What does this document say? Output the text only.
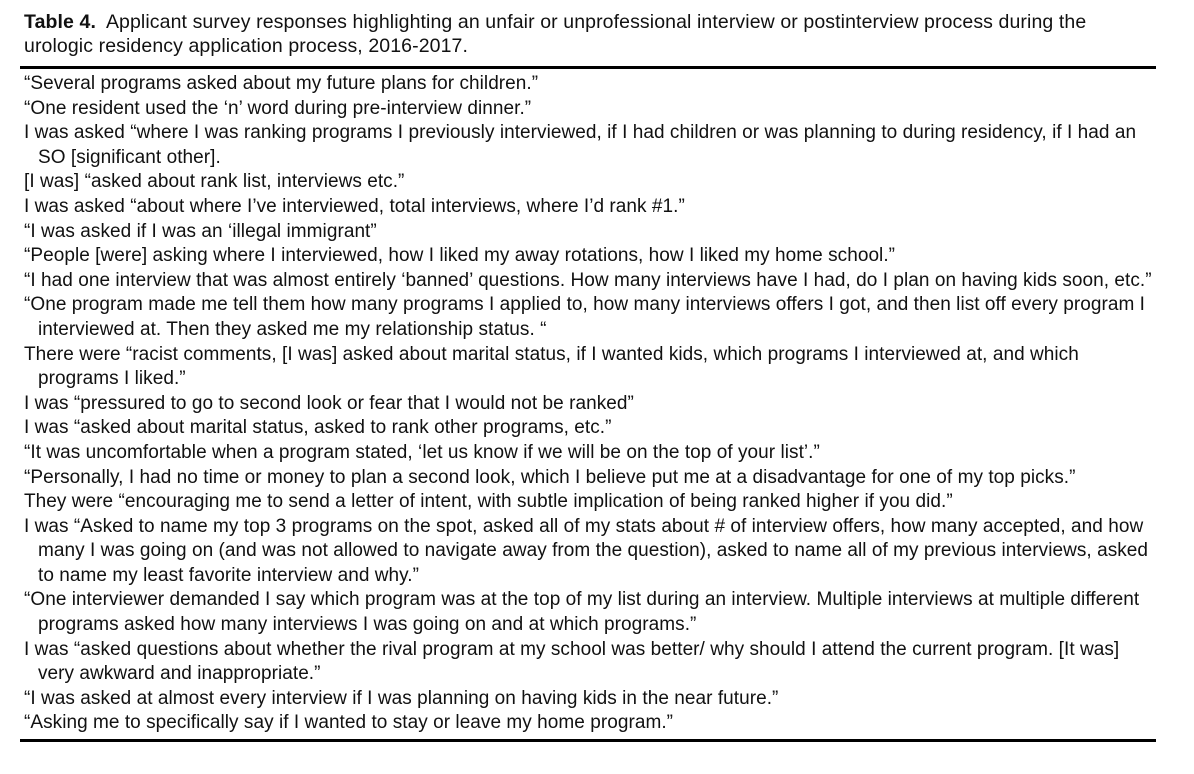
Table 4. Applicant survey responses highlighting an unfair or unprofessional interview or postinterview process during the urologic residency application process, 2016-2017.

“Several programs asked about my future plans for children.”
“One resident used the ‘n’ word during pre-interview dinner.”
I was asked “where I was ranking programs I previously interviewed, if I had children or was planning to during residency, if I had an SO [significant other].
[I was] “asked about rank list, interviews etc.”
I was asked “about where I’ve interviewed, total interviews, where I’d rank #1.”
“I was asked if I was an ‘illegal immigrant”
“People [were] asking where I interviewed, how I liked my away rotations, how I liked my home school.”
“I had one interview that was almost entirely ‘banned’ questions. How many interviews have I had, do I plan on having kids soon, etc.”
“One program made me tell them how many programs I applied to, how many interviews offers I got, and then list off every program I interviewed at. Then they asked me my relationship status. “
There were “racist comments, [I was] asked about marital status, if I wanted kids, which programs I interviewed at, and which programs I liked.”
I was “pressured to go to second look or fear that I would not be ranked”
I was “asked about marital status, asked to rank other programs, etc.”
“It was uncomfortable when a program stated, ‘let us know if we will be on the top of your list’.”
“Personally, I had no time or money to plan a second look, which I believe put me at a disadvantage for one of my top picks.”
They were “encouraging me to send a letter of intent, with subtle implication of being ranked higher if you did.”
I was “Asked to name my top 3 programs on the spot, asked all of my stats about # of interview offers, how many accepted, and how many I was going on (and was not allowed to navigate away from the question), asked to name all of my previous interviews, asked to name my least favorite interview and why.”
“One interviewer demanded I say which program was at the top of my list during an interview. Multiple interviews at multiple different programs asked how many interviews I was going on and at which programs.”
I was “asked questions about whether the rival program at my school was better/ why should I attend the current program. [It was] very awkward and inappropriate.”
“I was asked at almost every interview if I was planning on having kids in the near future.”
“Asking me to specifically say if I wanted to stay or leave my home program.”
